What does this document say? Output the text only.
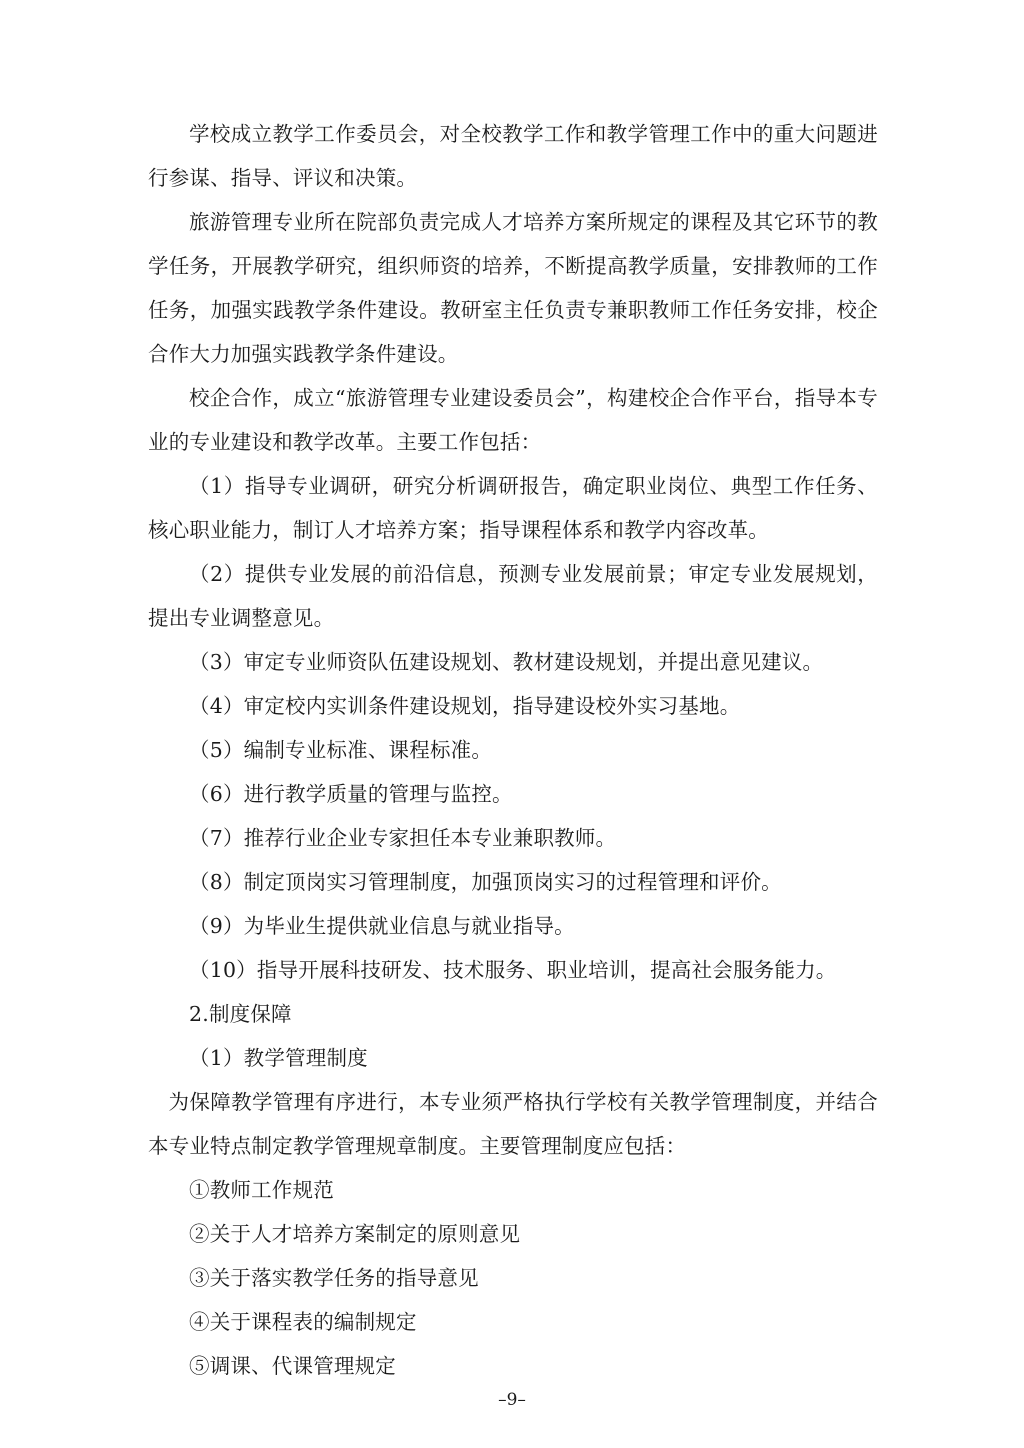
学校成立教学工作委员会，对全校教学工作和教学管理工作中的重大问题进行参谋、指导、评议和决策。

旅游管理专业所在院部负责完成人才培养方案所规定的课程及其它环节的教学任务，开展教学研究，组织师资的培养，不断提高教学质量，安排教师的工作任务，加强实践教学条件建设。教研室主任负责专兼职教师工作任务安排，校企合作大力加强实践教学条件建设。

校企合作，成立“旅游管理专业建设委员会”，构建校企合作平台，指导本专业的专业建设和教学改革。主要工作包括：

（1）指导专业调研，研究分析调研报告，确定职业岗位、典型工作任务、核心职业能力，制订人才培养方案；指导课程体系和教学内容改革。

（2）提供专业发展的前沿信息，预测专业发展前景；审定专业发展规划，提出专业调整意见。

（3）审定专业师资队伍建设规划、教材建设规划，并提出意见建议。

（4）审定校内实训条件建设规划，指导建设校外实习基地。

（5）编制专业标准、课程标准。

（6）进行教学质量的管理与监控。

（7）推荐行业企业专家担任本专业兼职教师。

（8）制定顶岗实习管理制度，加强顶岗实习的过程管理和评价。

（9）为毕业生提供就业信息与就业指导。

（10）指导开展科技研发、技术服务、职业培训，提高社会服务能力。

2.制度保障

（1）教学管理制度

为保障教学管理有序进行，本专业须严格执行学校有关教学管理制度，并结合本专业特点制定教学管理规章制度。主要管理制度应包括：

①教师工作规范

②关于人才培养方案制定的原则意见

③关于落实教学任务的指导意见

④关于课程表的编制规定

⑤调课、代课管理规定

–9–
